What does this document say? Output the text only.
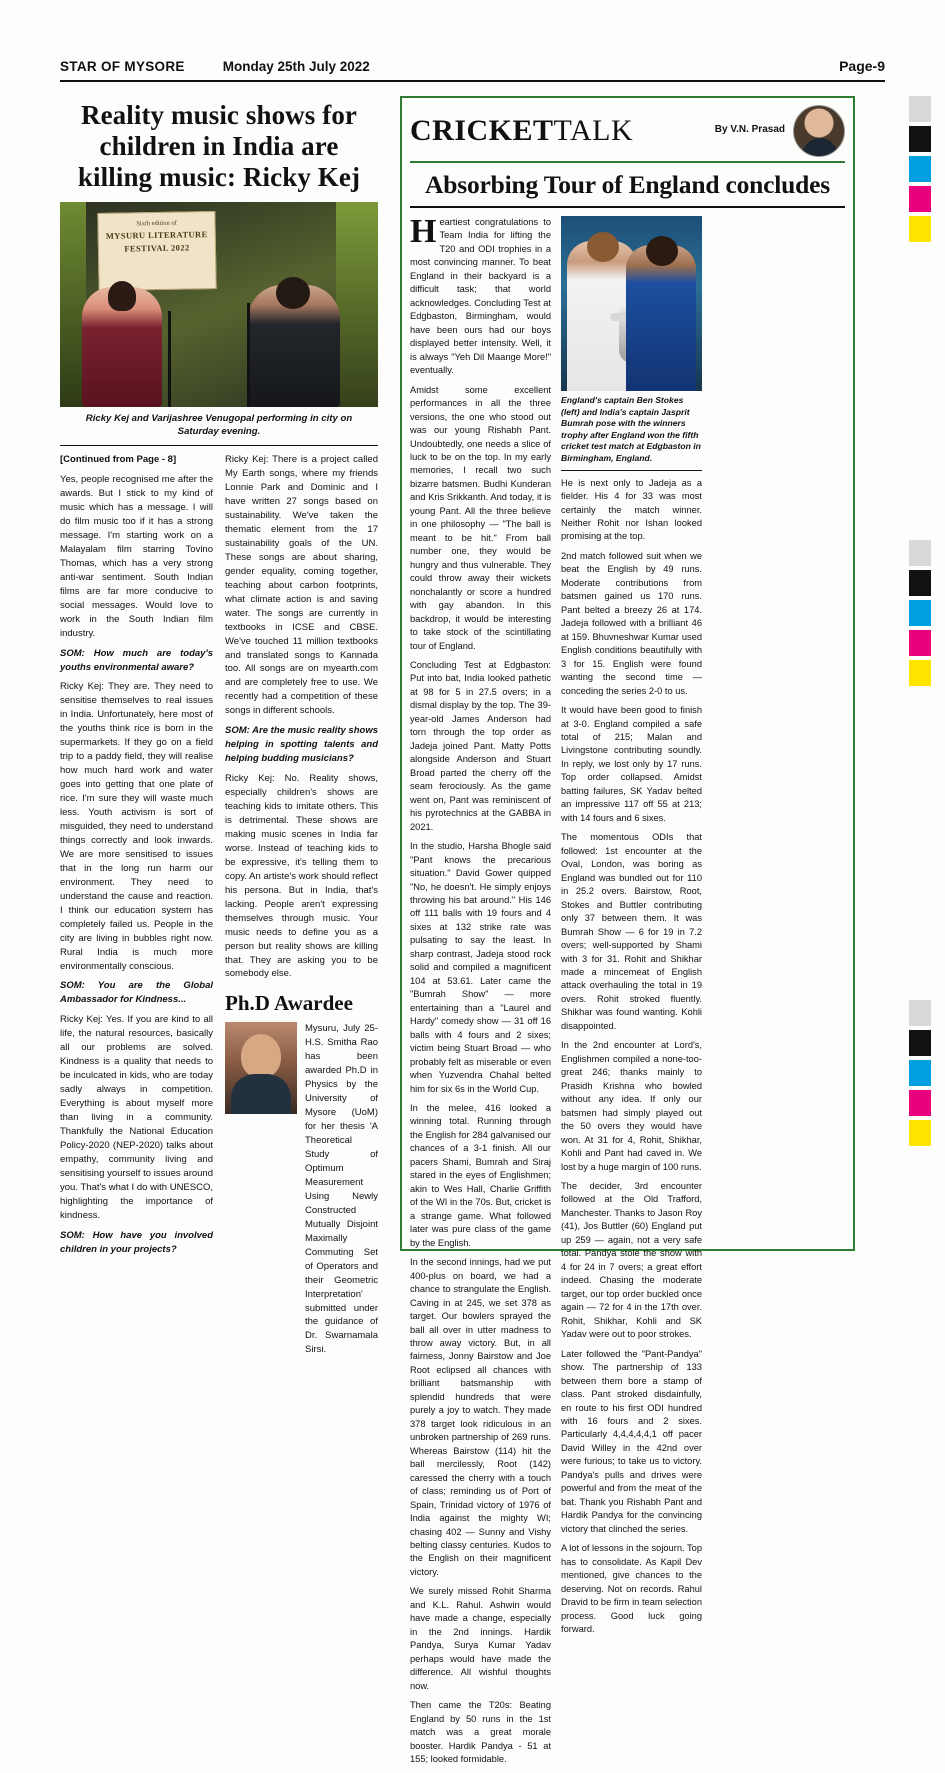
STAR OF MYSORE	Monday 25th July 2022	Page-9
Reality music shows for children in India are killing music: Ricky Kej
Sixth edition of
MYSURU LITERATURE
FESTIVAL 2022
Ricky Kej and Varijashree Venugopal performing in city on Saturday evening.

[Continued from Page - 8]

Yes, people recognised me after the awards. But I stick to my kind of music which has a message. I will do film music too if it has a strong message. I'm starting work on a Malayalam film starring Tovino Thomas, which has a very strong anti-war sentiment. South Indian films are far more conducive to social messages. Would love to work in the South Indian film industry.

SOM: How much are today's youths environmental aware?

Ricky Kej: They are. They need to sensitise themselves to real issues in India. Unfortunately, here most of the youths think rice is born in the supermarkets. If they go on a field trip to a paddy field, they will realise how much hard work and water goes into getting that one plate of rice. I'm sure they will waste much less. Youth activism is sort of misguided, they need to understand things correctly and look inwards. We are more sensitised to issues that in the long run harm our environment. They need to understand the cause and reaction. I think our education system has completely failed us. People in the city are living in bubbles right now. Rural India is much more environmentally conscious.

SOM: You are the Global Ambassador for Kindness...

Ricky Kej: Yes. If you are kind to all life, the natural resources, basically all our problems are solved. Kindness is a quality that needs to be inculcated in kids, who are today sadly always in competition. Everything is about myself more than living in a community. Thankfully the National Education Policy-2020 (NEP-2020) talks about empathy, community living and sensitising yourself to issues around you. That's what I do with UNESCO, highlighting the importance of kindness.

SOM: How have you involved children in your projects?

Ricky Kej: There is a project called My Earth songs, where my friends Lonnie Park and Dominic and I have written 27 songs based on sustainability. We've taken the thematic element from the 17 sustainability goals of the UN. These songs are about sharing, gender equality, coming together, teaching about carbon footprints, what climate action is and saving water. The songs are currently in textbooks in ICSE and CBSE. We've touched 11 million textbooks and translated songs to Kannada too. All songs are on myearth.com and are completely free to use. We recently had a competition of these songs in different schools.

SOM: Are the music reality shows helping in spotting talents and helping budding musicians?

Ricky Kej: No. Reality shows, especially children's shows are teaching kids to imitate others. This is detrimental. These shows are making music scenes in India far worse. Instead of teaching kids to be expressive, it's telling them to copy. An artiste's work should reflect his persona. But in India, that's lacking. People aren't expressing themselves through music. Your music needs to define you as a person but reality shows are killing that. They are asking you to be somebody else.

Ph.D Awardee

Mysuru, July 25- H.S. Smitha Rao has been awarded Ph.D in Physics by the University of Mysore (UoM) for her thesis 'A Theoretical Study of Optimum Measurement Using Newly Constructed Mutually Disjoint Maximally Commuting Set of Operators and their Geometric Interpretation' submitted under the guidance of Dr. Swarnamala Sirsi.

CRICKETTALK	By V.N. Prasad
Absorbing Tour of England concludes

Heartiest congratulations to Team India for lifting the T20 and ODI trophies in a most convincing manner. To beat England in their backyard is a difficult task; that world acknowledges. Concluding Test at Edgbaston, Birmingham, would have been ours had our boys displayed better intensity. Well, it is always "Yeh Dil Maange More!" eventually.

Amidst some excellent performances in all the three versions, the one who stood out was our young Rishabh Pant. Undoubtedly, one needs a slice of luck to be on the top. In my early memories, I recall two such bizarre batsmen. Budhi Kunderan and Kris Srikkanth. And today, it is young Pant. All the three believe in one philosophy — "The ball is meant to be hit." From ball number one, they would be hungry and thus vulnerable. They could throw away their wickets nonchalantly or score a hundred with gay abandon. In this backdrop, it would be interesting to take stock of the scintillating tour of England.

Concluding Test at Edgbaston: Put into bat, India looked pathetic at 98 for 5 in 27.5 overs; in a dismal display by the top. The 39-year-old James Anderson had torn through the top order as Jadeja joined Pant. Matty Potts alongside Anderson and Stuart Broad parted the cherry off the seam ferociously. As the game went on, Pant was reminiscent of his pyrotechnics at the GABBA in 2021.

In the studio, Harsha Bhogle said "Pant knows the precarious situation." David Gower quipped "No, he doesn't. He simply enjoys throwing his bat around." His 146 off 111 balls with 19 fours and 4 sixes at 132 strike rate was pulsating to say the least. In sharp contrast, Jadeja stood rock solid and compiled a magnificent 104 at 53.61. Later came the "Bumrah Show" — more entertaining than a "Laurel and Hardy" comedy show — 31 off 16 balls with 4 fours and 2 sixes; victim being Stuart Broad — who probably felt as miserable or even when Yuzvendra Chahal belted him for six 6s in the World Cup.

In the melee, 416 looked a winning total. Running through the English for 284 galvanised our chances of a 3-1 finish. All our pacers Shami, Bumrah and Siraj stared in the eyes of Englishmen; akin to Wes Hall, Charlie Griffith of the WI in the 70s. But, cricket is a strange game. What followed later was pure class of the game by the English.

In the second innings, had we put 400-plus on board, we had a chance to strangulate the English. Caving in at 245, we set 378 as target. Our bowlers sprayed the ball all over in utter madness to throw away victory. But, in all fairness, Jonny Bairstow and Joe Root eclipsed all chances with brilliant batsmanship with splendid hundreds that were purely a joy to watch. They made 378 target look ridiculous in an unbroken partnership of 269 runs. Whereas Bairstow (114) hit the ball mercilessly, Root (142) caressed the cherry with a touch of class; reminding us of Port of Spain, Trinidad victory of 1976 of India against the mighty WI; chasing 402 — Sunny and Vishy belting classy centuries. Kudos to the English on their magnificent victory.

We surely missed Rohit Sharma and K.L. Rahul. Ashwin would have made a change, especially in the 2nd innings. Hardik Pandya, Surya Kumar Yadav perhaps would have made the difference. All wishful thoughts now.

Then came the T20s: Beating England by 50 runs in the 1st match was a great morale booster. Hardik Pandya - 51 at 155; looked formidable.

England's captain Ben Stokes (left) and India's captain Jasprit Bumrah pose with the winners trophy after England won the fifth cricket test match at Edgbaston in Birmingham, England.

He is next only to Jadeja as a fielder. His 4 for 33 was most certainly the match winner. Neither Rohit nor Ishan looked promising at the top.

2nd match followed suit when we beat the English by 49 runs. Moderate contributions from batsmen gained us 170 runs. Pant belted a breezy 26 at 174. Jadeja followed with a brilliant 46 at 159. Bhuvneshwar Kumar used English conditions beautifully with 3 for 15. English were found wanting the second time — conceding the series 2-0 to us.

It would have been good to finish at 3-0. England compiled a safe total of 215; Malan and Livingstone contributing soundly. In reply, we lost only by 17 runs. Top order collapsed. Amidst batting failures, SK Yadav belted an impressive 117 off 55 at 213; with 14 fours and 6 sixes.

The momentous ODIs that followed: 1st encounter at the Oval, London, was boring as England was bundled out for 110 in 25.2 overs. Bairstow, Root, Stokes and Buttler contributing only 37 between them. It was Bumrah Show — 6 for 19 in 7.2 overs; well-supported by Shami with 3 for 31. Rohit and Shikhar made a mincemeat of English attack overhauling the total in 19 overs. Rohit stroked fluently. Shikhar was found wanting. Kohli disappointed.

In the 2nd encounter at Lord's, Englishmen compiled a none-too-great 246; thanks mainly to Prasidh Krishna who bowled without any idea. If only our batsmen had simply played out the 50 overs they would have won. At 31 for 4, Rohit, Shikhar, Kohli and Pant had caved in. We lost by a huge margin of 100 runs.

The decider, 3rd encounter followed at the Old Trafford, Manchester. Thanks to Jason Roy (41), Jos Buttler (60) England put up 259 — again, not a very safe total. Pandya stole the show with 4 for 24 in 7 overs; a great effort indeed. Chasing the moderate target, our top order buckled once again — 72 for 4 in the 17th over. Rohit, Shikhar, Kohli and SK Yadav were out to poor strokes.

Later followed the "Pant-Pandya" show. The partnership of 133 between them bore a stamp of class. Pant stroked disdainfully, en route to his first ODI hundred with 16 fours and 2 sixes. Particularly 4,4,4,4,4,1 off pacer David Willey in the 42nd over were furious; to take us to victory. Pandya's pulls and drives were powerful and from the meat of the bat. Thank you Rishabh Pant and Hardik Pandya for the convincing victory that clinched the series.

A lot of lessons in the sojourn. Top has to consolidate. As Kapil Dev mentioned, give chances to the deserving. Not on records. Rahul Dravid to be firm in team selection process. Good luck going forward.
